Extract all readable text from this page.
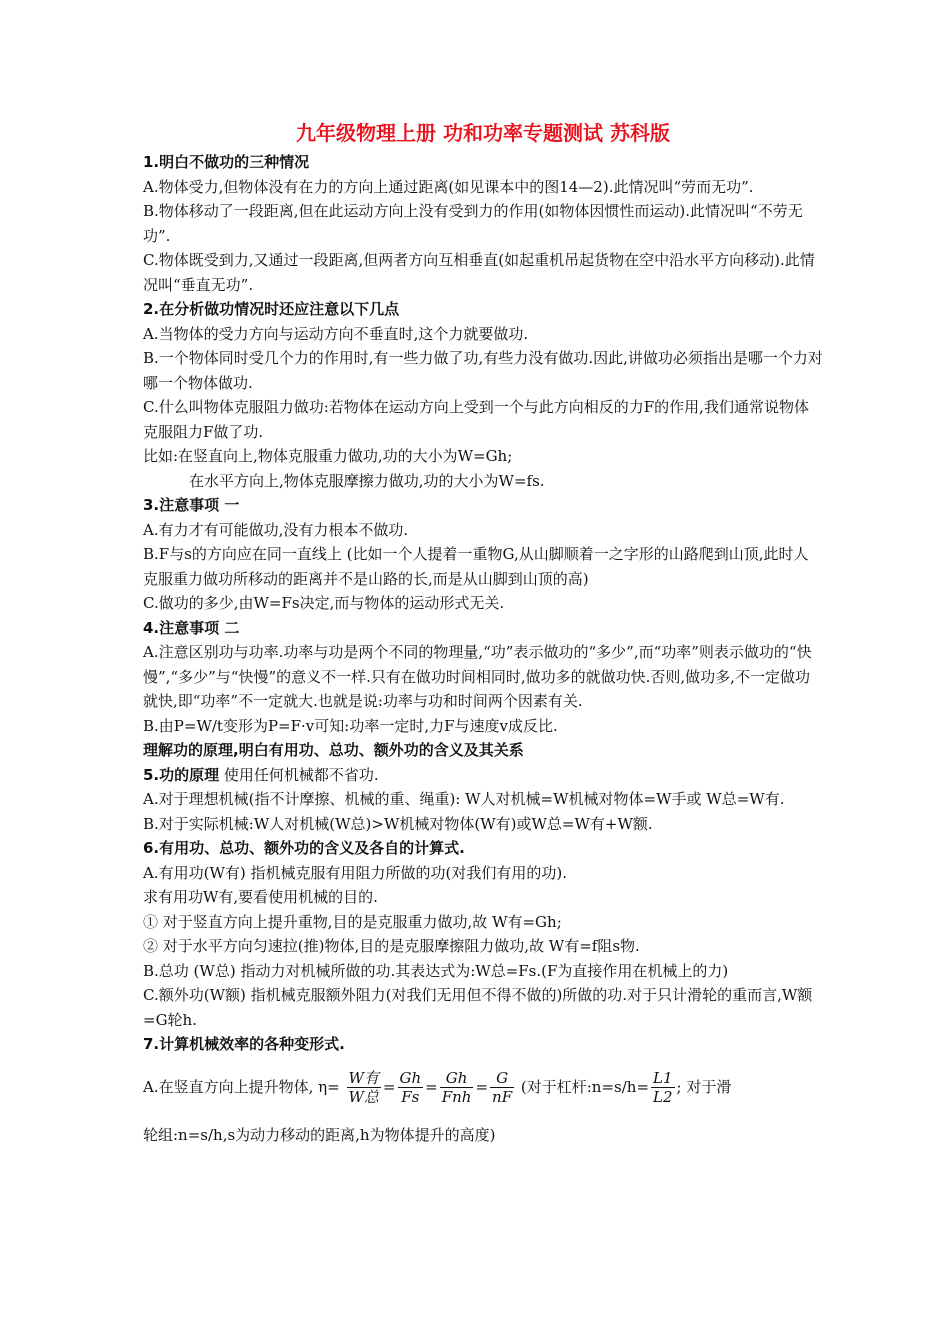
九年级物理上册 功和功率专题测试 苏科版
1.明白不做功的三种情况

A.物体受力,但物体没有在力的方向上通过距离(如见课本中的图14—2).此情况叫“劳而无功”.

B.物体移动了一段距离,但在此运动方向上没有受到力的作用(如物体因惯性而运动).此情况叫“不劳无功”.

C.物体既受到力,又通过一段距离,但两者方向互相垂直(如起重机吊起货物在空中沿水平方向移动).此情况叫“垂直无功”.

2.在分析做功情况时还应注意以下几点

A.当物体的受力方向与运动方向不垂直时,这个力就要做功.

B.一个物体同时受几个力的作用时,有一些力做了功,有些力没有做功.因此,讲做功必须指出是哪一个力对哪一个物体做功.

C.什么叫物体克服阻力做功:若物体在运动方向上受到一个与此方向相反的力F的作用,我们通常说物体克服阻力F做了功.

比如:在竖直向上,物体克服重力做功,功的大小为W=Gh;

在水平方向上,物体克服摩擦力做功,功的大小为W=fs.

3.注意事项 一

A.有力才有可能做功,没有力根本不做功.

B.F与s的方向应在同一直线上 (比如一个人提着一重物G,从山脚顺着一之字形的山路爬到山顶,此时人克服重力做功所移动的距离并不是山路的长,而是从山脚到山顶的高)

C.做功的多少,由W=Fs决定,而与物体的运动形式无关.

4.注意事项 二

A.注意区别功与功率.功率与功是两个不同的物理量,“功”表示做功的“多少”,而“功率”则表示做功的“快慢”,“多少”与“快慢”的意义不一样.只有在做功时间相同时,做功多的就做功快.否则,做功多,不一定做功就快,即“功率”不一定就大.也就是说:功率与功和时间两个因素有关.

B.由P=W/t变形为P=F·v可知:功率一定时,力F与速度v成反比.

理解功的原理,明白有用功、总功、额外功的含义及其关系
5.功的原理 使用任何机械都不省功.

A.对于理想机械(指不计摩擦、机械的重、绳重): W人对机械=W机械对物体=W手或 W总=W有.

B.对于实际机械:W人对机械(W总)>W机械对物体(W有)或W总=W有+W额.

6.有用功、总功、额外功的含义及各自的计算式.

A.有用功(W有) 指机械克服有用阻力所做的功(对我们有用的功).

求有用功W有,要看使用机械的目的.

① 对于竖直方向上提升重物,目的是克服重力做功,故 W有=Gh;

② 对于水平方向匀速拉(推)物体,目的是克服摩擦阻力做功,故 W有=f阻s物.

B.总功 (W总) 指动力对机械所做的功.其表达式为:W总=Fs.(F为直接作用在机械上的力)

C.额外功(W额) 指机械克服额外阻力(对我们无用但不得不做的)所做的功.对于只计滑轮的重而言,W额=G轮h.

7.计算机械效率的各种变形式.
A.在竖直方向上提升物体, $\eta= \frac{\text{W有}}{\text{W总}} = \frac{Gh}{Fs} = \frac{Gh}{\text{Fnh}} = \frac{G}{nF}$ (对于杠杆:n=s/h= $\frac{L1}{L2}$ ; 对于滑

轮组:n=s/h,s为动力移动的距离,h为物体提升的高度)
